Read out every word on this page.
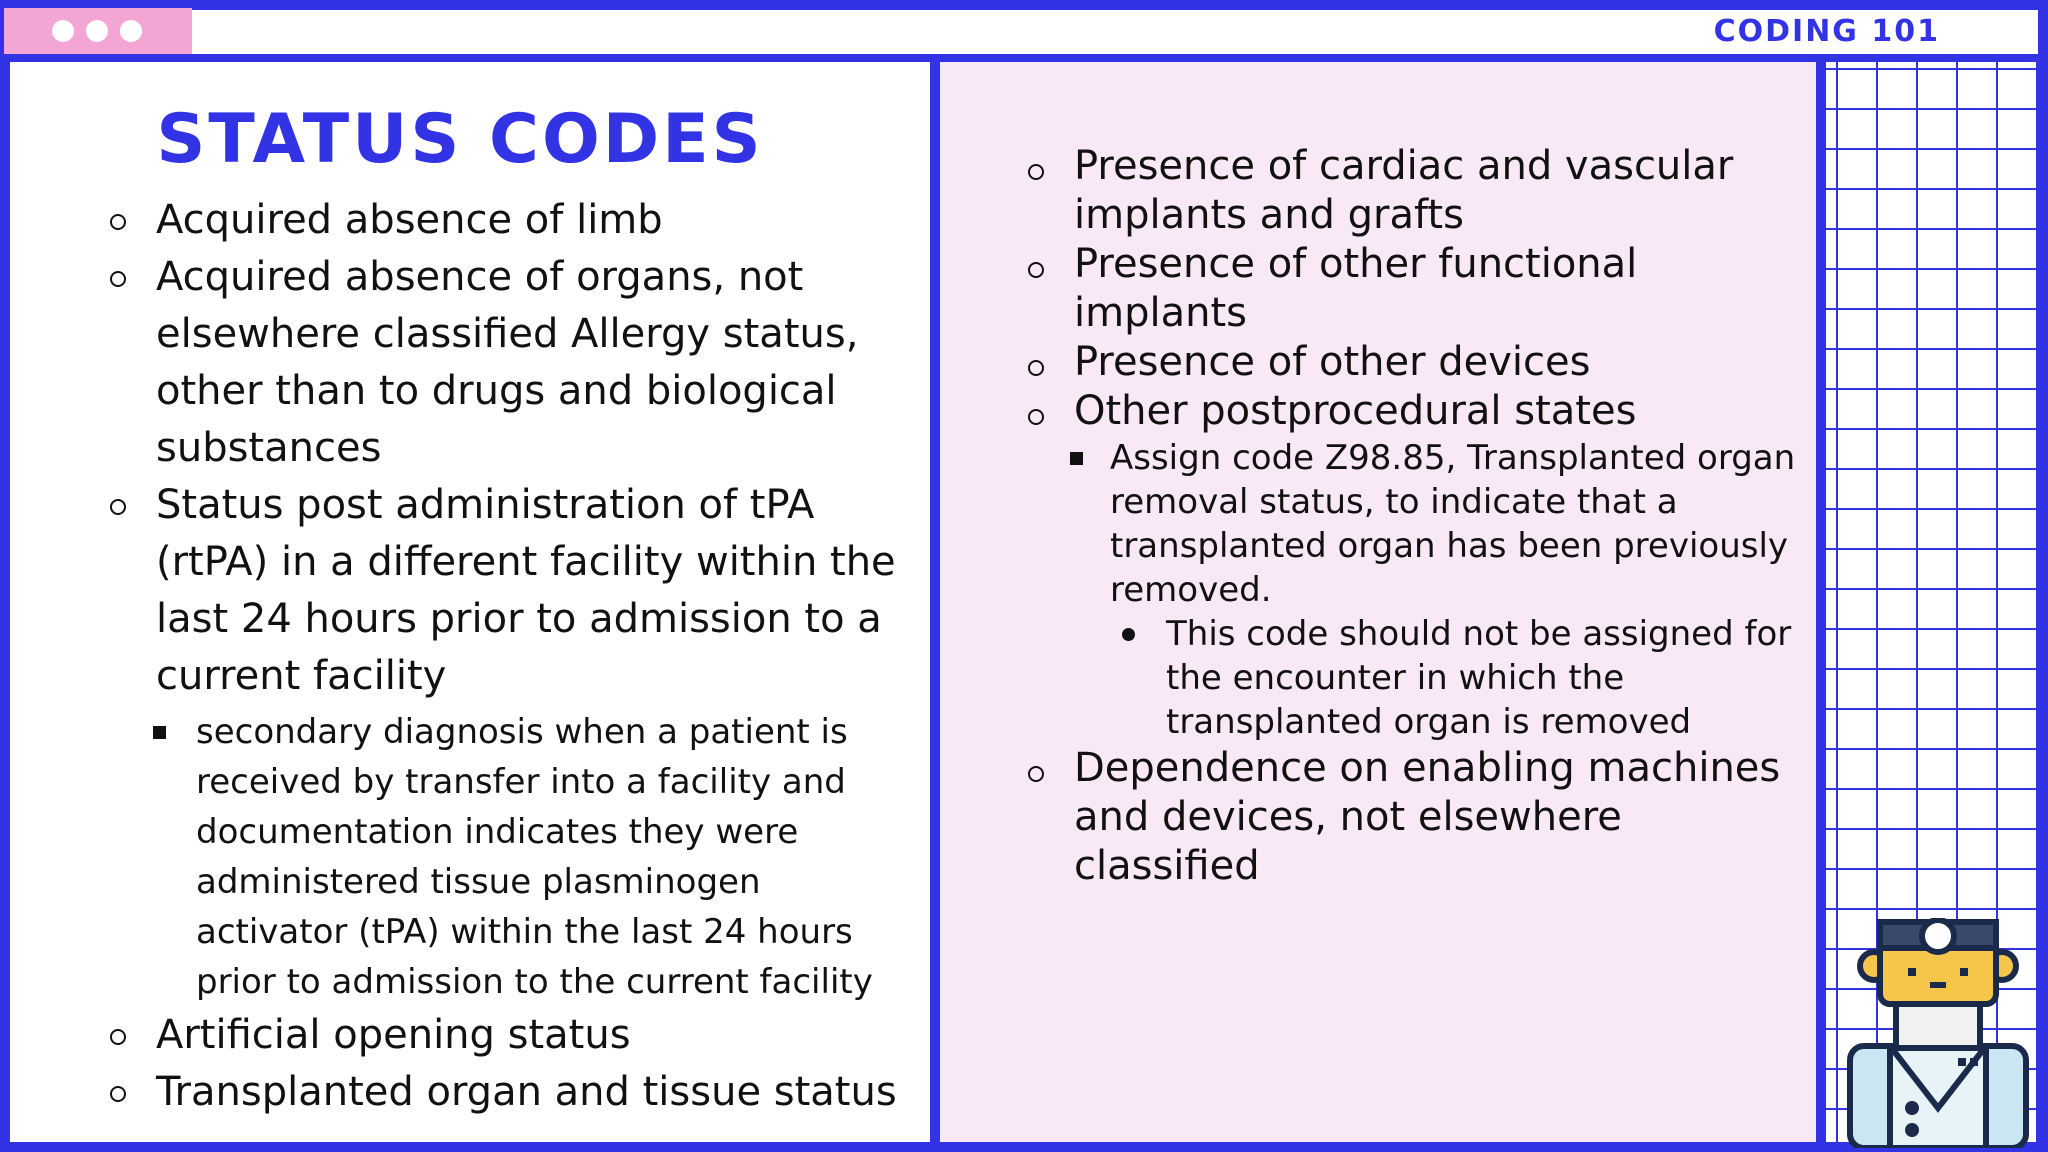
CODING 101
STATUS CODES
Acquired absence of limb
Acquired absence of organs, not elsewhere classified Allergy status, other than to drugs and biological substances
Status post administration of tPA (rtPA) in a different facility within the last 24 hours prior to admission to a current facility
secondary diagnosis when a patient is received by transfer into a facility and documentation indicates they were administered tissue plasminogen activator (tPA) within the last 24 hours prior to admission to the current facility
Artificial opening status
Transplanted organ and tissue status
Presence of cardiac and vascular implants and grafts
Presence of other functional implants
Presence of other devices
Other postprocedural states
Assign code Z98.85, Transplanted organ removal status, to indicate that a transplanted organ has been previously removed.
This code should not be assigned for the encounter in which the transplanted organ is removed
Dependence on enabling machines and devices, not elsewhere classified
